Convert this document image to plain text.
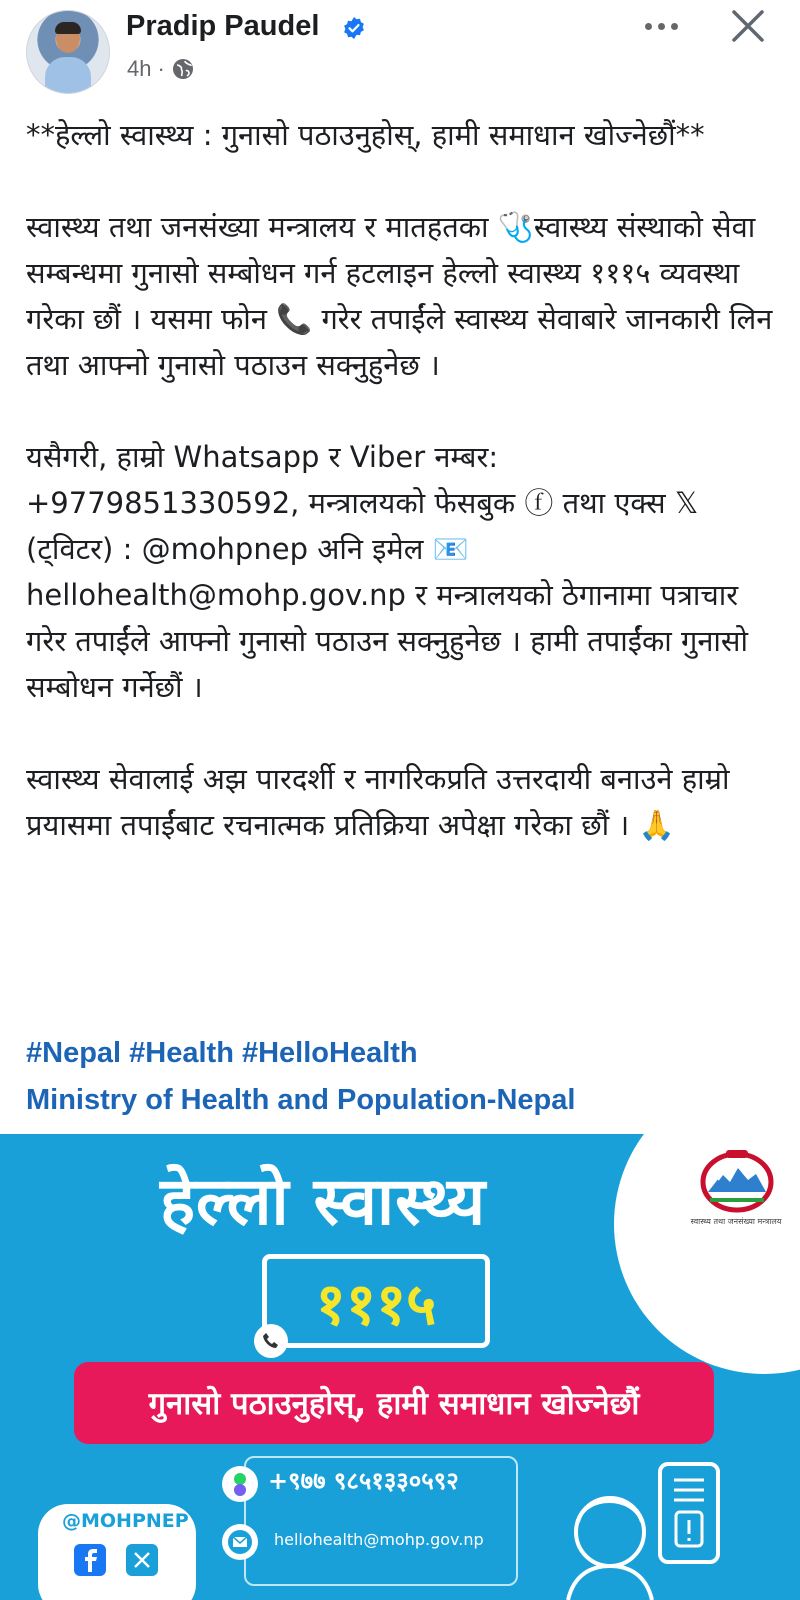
Pradip Paudel
4h ·

**हेल्लो स्वास्थ्य : गुनासो पठाउनुहोस्, हामी समाधान खोज्नेछौं**

स्वास्थ्य तथा जनसंख्या मन्त्रालय र मातहतका 🩺स्वास्थ्य संस्थाको सेवा सम्बन्धमा गुनासो सम्बोधन गर्न हटलाइन हेल्लो स्वास्थ्य १११५ व्यवस्था गरेका छौं । यसमा फोन 📞 गरेर तपाईंले स्वास्थ्य सेवाबारे जानकारी लिन तथा आफ्नो गुनासो पठाउन सक्नुहुनेछ ।

यसैगरी, हाम्रो Whatsapp र Viber नम्बर: +9779851330592, मन्त्रालयको फेसबुक ⓕ तथा एक्स 𝕏 (ट्विटर) : @mohpnep अनि इमेल 📧 hellohealth@mohp.gov.np र मन्त्रालयको ठेगानामा पत्राचार गरेर तपाईंले आफ्नो गुनासो पठाउन सक्नुहुनेछ । हामी तपाईंका गुनासो सम्बोधन गर्नेछौं ।

स्वास्थ्य सेवालाई अझ पारदर्शी र नागरिकप्रति उत्तरदायी बनाउने हाम्रो प्रयासमा तपाईंबाट रचनात्मक प्रतिक्रिया अपेक्षा गरेका छौं । 🙏

#Nepal #Health #HelloHealth
Ministry of Health and Population-Nepal
स्वास्थ्य तथा जनसंख्या मन्त्रालय
हेल्लो स्वास्थ्य
१११५
गुनासो पठाउनुहोस्, हामी समाधान खोज्नेछौं
+९७७ ९८५१३३०५९२
hellohealth@mohp.gov.np
@MOHPNEP
